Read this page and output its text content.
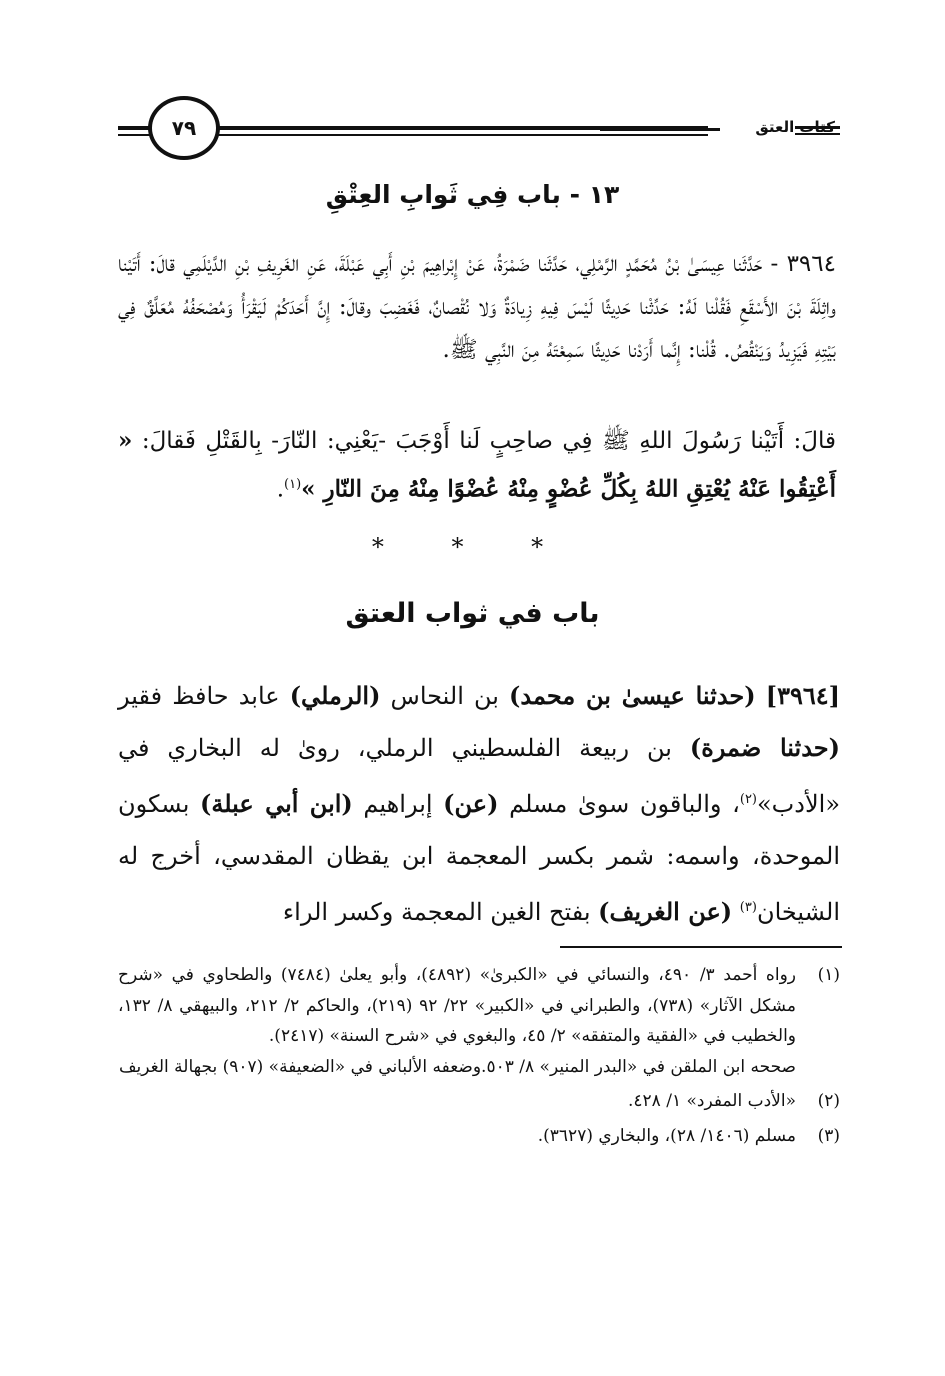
كتاب العتق
٧٩
١٣ - باب فِي ثَوابِ العِتْقِ
٣٩٦٤ - حَدَّثَنا عِيسَىٰ بْنُ مُحَمَّدٍ الرَّمْلِي، حَدَّثَنا ضَمْرَةُ، عَنْ إِبْراهِيمَ بْنِ أَبِي عَبْلَةَ، عَنِ الغَرِيفِ بْنِ الدَّيْلَمِي قالَ: أَتَيْنا واثِلَةَ بْنَ الأَسْقَعِ فَقُلْنا لَهُ: حَدِّثْنا حَدِيثًا لَيْسَ فِيهِ زِيادَةٌ وَلا نُقْصانٌ، فَغَضِبَ وقالَ: إِنَّ أَحَدَكُمْ لَيَقْرَأُ وَمُصْحَفُهُ مُعَلَّقٌ فِي بَيْتِهِ فَيَزِيدُ وَيَنْقُصُ. قُلْنا: إِنَّما أَرَدْنا حَدِيثًا سَمِعْتَهُ مِنَ النَّبِي ﷺ.
قالَ: أَتَيْنا رَسُولَ اللهِ ﷺ فِي صاحِبٍ لَنا أَوْجَبَ -يَعْنِي: النّارَ- بِالقَتْلِ فَقالَ: « أَعْتِقُوا عَنْهُ يُعْتِقِ اللهُ بِكُلِّ عُضْوٍ مِنْهُ عُضْوًا مِنْهُ مِنَ النّارِ »$^{(١)}$.
* * *
باب في ثواب العتق
[٣٩٦٤] (حدثنا عيسىٰ بن محمد) بن النحاس (الرملي) عابد حافظ فقير (حدثنا ضمرة) بن ربيعة الفلسطيني الرملي، روىٰ له البخاري في «الأدب»$^{(٢)}$، والباقون سوىٰ مسلم (عن) إبراهيم (ابن أبي عبلة) بسكون الموحدة، واسمه: شمر بكسر المعجمة ابن يقظان المقدسي، أخرج له الشيخان$^{(٣)}$ (عن الغريف) بفتح الغين المعجمة وكسر الراء
(١)
رواه أحمد ٣/ ٤٩٠، والنسائي في «الكبرىٰ» (٤٨٩٢)، وأبو يعلىٰ (٧٤٨٤) والطحاوي في «شرح مشكل الآثار» (٧٣٨)، والطبراني في «الكبير» ٢٢/ ٩٢ (٢١٩)، والحاكم ٢/ ٢١٢، والبيهقي ٨/ ١٣٢، والخطيب في «الفقية والمتفقه» ٢/ ٤٥، والبغوي في «شرح السنة» (٢٤١٧).
صححه ابن الملقن في «البدر المنير» ٨/ ٥٠٣.وضعفه الألباني في «الضعيفة» (٩٠٧) بجهالة الغريف
(٢)
«الأدب المفرد» ١/ ٤٢٨.
(٣)
مسلم (١٤٠٦/ ٢٨)، والبخاري (٣٦٢٧).
